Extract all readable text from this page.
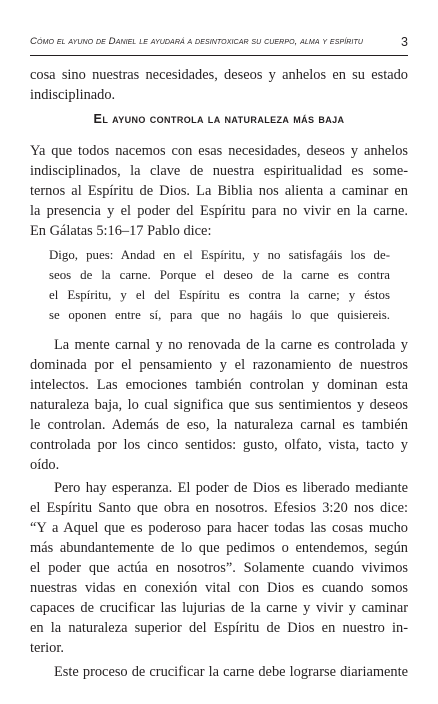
Cómo el ayuno de Daniel le ayudará a desintoxicar su cuerpo, alma y espíritu	3
cosa sino nuestras necesidades, deseos y anhelos en su estado
indisciplinado.
El ayuno controla la naturaleza más baja
Ya que todos nacemos con esas necesidades, deseos y anhelos
indisciplinados, la clave de nuestra espiritualidad es some-
ternos al Espíritu de Dios. La Biblia nos alienta a caminar en
la presencia y el poder del Espíritu para no vivir en la carne.
En Gálatas 5:16–17 Pablo dice:
Digo, pues: Andad en el Espíritu, y no satisfagáis los de-
seos de la carne. Porque el deseo de la carne es contra
el Espíritu, y el del Espíritu es contra la carne; y éstos
se oponen entre sí, para que no hagáis lo que quisiereis.
La mente carnal y no renovada de la carne es controlada y
dominada por el pensamiento y el razonamiento de nuestros
intelectos. Las emociones también controlan y dominan esta
naturaleza baja, lo cual significa que sus sentimientos y deseos
le controlan. Además de eso, la naturaleza carnal es también
controlada por los cinco sentidos: gusto, olfato, vista, tacto y
oído.
Pero hay esperanza. El poder de Dios es liberado mediante
el Espíritu Santo que obra en nosotros. Efesios 3:20 nos dice:
“Y a Aquel que es poderoso para hacer todas las cosas mucho
más abundantemente de lo que pedimos o entendemos, según
el poder que actúa en nosotros”. Solamente cuando vivimos
nuestras vidas en conexión vital con Dios es cuando somos
capaces de crucificar las lujurias de la carne y vivir y caminar
en la naturaleza superior del Espíritu de Dios en nuestro in-
terior.
Este proceso de crucificar la carne debe lograrse diariamente
